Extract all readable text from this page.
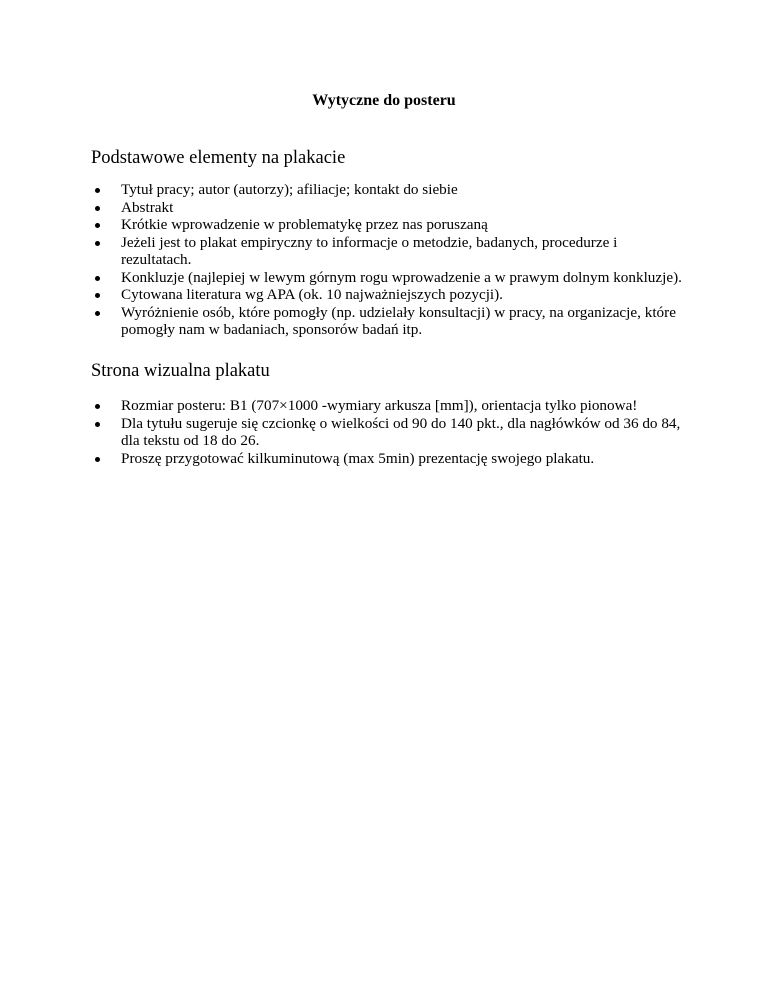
Wytyczne do posteru
Podstawowe elementy na plakacie
Tytuł pracy; autor (autorzy); afiliacje; kontakt do siebie
Abstrakt
Krótkie wprowadzenie w problematykę przez nas poruszaną
Jeżeli jest to plakat empiryczny to informacje o metodzie, badanych, procedurze i rezultatach.
Konkluzje (najlepiej w lewym górnym rogu wprowadzenie a w prawym dolnym konkluzje).
Cytowana literatura wg APA (ok. 10 najważniejszych pozycji).
Wyróżnienie osób, które pomogły (np. udzielały konsultacji) w pracy, na organizacje, które pomogły nam w badaniach, sponsorów badań itp.
Strona wizualna plakatu
Rozmiar posteru: B1 (707×1000 -wymiary arkusza [mm]), orientacja tylko pionowa!
Dla tytułu sugeruje się czcionkę o wielkości od 90 do 140 pkt., dla nagłówków od 36 do 84, dla tekstu od 18 do 26.
Proszę przygotować kilkuminutową (max 5min) prezentację swojego plakatu.
